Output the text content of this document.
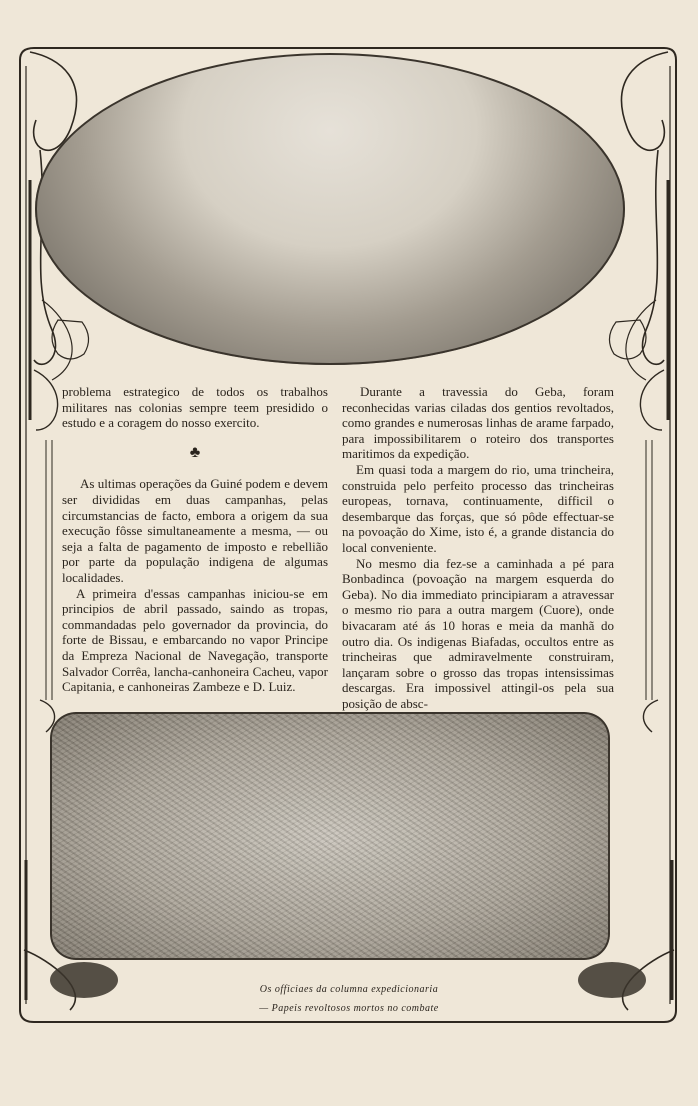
problema estrategico de todos os trabalhos militares nas colonias sempre teem presidido o estudo e a coragem do nosso exercito.

♣

As ultimas operações da Guiné podem e devem ser divididas em duas campanhas, pelas circumstancias de facto, embora a origem da sua execução fôsse simultaneamente a mesma, — ou seja a falta de pagamento de imposto e rebellião por parte da população indigena de algumas localidades.

A primeira d'essas campanhas iniciou-se em principios de abril passado, saindo as tropas, commandadas pelo governador da provincia, do forte de Bissau, e embarcando no vapor Principe da Empreza Nacional de Navegação, transporte Salvador Corrêa, lancha-canhoneira Cacheu, vapor Capitania, e canhoneiras Zambeze e D. Luiz.

Durante a travessia do Geba, foram reconhecidas varias ciladas dos gentios revoltados, como grandes e numerosas linhas de arame farpado, para impossibilitarem o roteiro dos transportes maritimos da expedição.

Em quasi toda a margem do rio, uma trincheira, construida pelo perfeito processo das trincheiras europeas, tornava, continuamente, difficil o desembarque das forças, que só pôde effectuar-se na povoação do Xime, isto é, a grande distancia do local conveniente.

No mesmo dia fez-se a caminhada a pé para Bonbadinca (povoação na margem esquerda do Geba). No dia immediato principiaram a atravessar o mesmo rio para a outra margem (Cuore), onde bivacaram até ás 10 horas e meia da manhã do outro dia. Os indigenas Biafadas, occultos entre as trincheiras que admiravelmente construiram, lançaram sobre o grosso das tropas intensissimas descargas. Era impossivel attingil-os pela sua posição de absc-

Os officiaes da columna expedicionaria
— Papeis revoltosos mortos no combate
